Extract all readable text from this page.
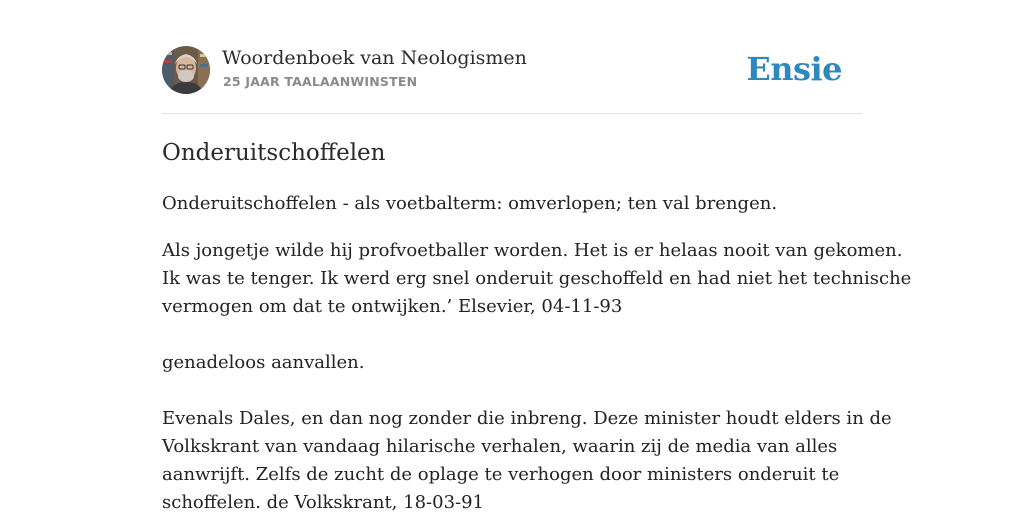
Woordenboek van Neologismen
25 JAAR TAALAANWINSTEN	Ensie
Onderuitschoffelen

Onderuitschoffelen - als voetbalterm: omverlopen; ten val brengen.

Als jongetje wilde hij profvoetballer worden. Het is er helaas nooit van gekomen.
Ik was te tenger. Ik werd erg snel onderuit geschoffeld en had niet het technische
vermogen om dat te ontwijken.’ Elsevier, 04-11-93

genadeloos aanvallen.

Evenals Dales, en dan nog zonder die inbreng. Deze minister houdt elders in de
Volkskrant van vandaag hilarische verhalen, waarin zij de media van alles
aanwrijft. Zelfs de zucht de oplage te verhogen door ministers onderuit te
schoffelen. de Volkskrant, 18-03-91
